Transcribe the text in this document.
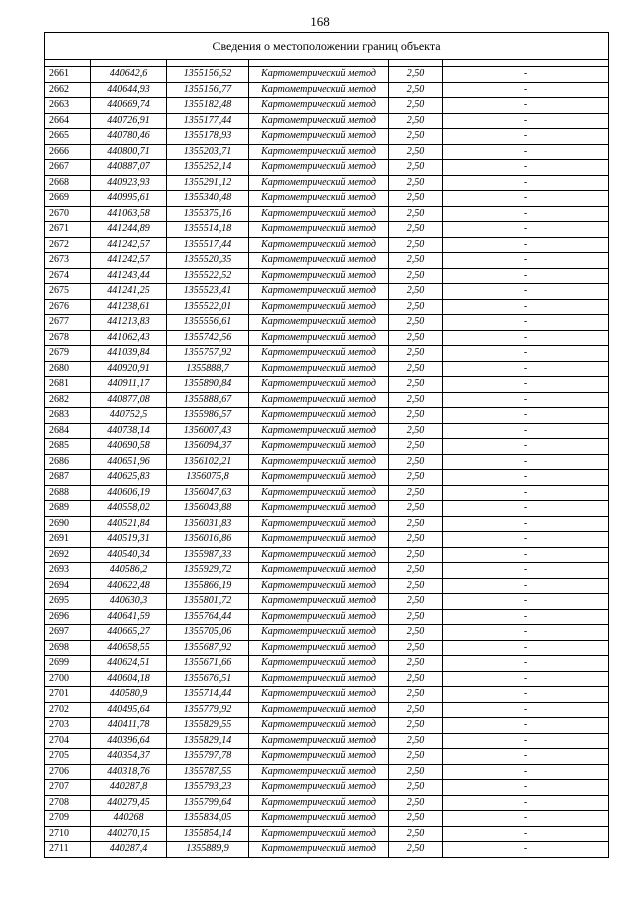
168
Сведения о местоположении границ объекта					

2661	440642,6	1355156,52	Картометрический метод	2,50	-
2662	440644,93	1355156,77	Картометрический метод	2,50	-
2663	440669,74	1355182,48	Картометрический метод	2,50	-
2664	440726,91	1355177,44	Картометрический метод	2,50	-
2665	440780,46	1355178,93	Картометрический метод	2,50	-
2666	440800,71	1355203,71	Картометрический метод	2,50	-
2667	440887,07	1355252,14	Картометрический метод	2,50	-
2668	440923,93	1355291,12	Картометрический метод	2,50	-
2669	440995,61	1355340,48	Картометрический метод	2,50	-
2670	441063,58	1355375,16	Картометрический метод	2,50	-
2671	441244,89	1355514,18	Картометрический метод	2,50	-
2672	441242,57	1355517,44	Картометрический метод	2,50	-
2673	441242,57	1355520,35	Картометрический метод	2,50	-
2674	441243,44	1355522,52	Картометрический метод	2,50	-
2675	441241,25	1355523,41	Картометрический метод	2,50	-
2676	441238,61	1355522,01	Картометрический метод	2,50	-
2677	441213,83	1355556,61	Картометрический метод	2,50	-
2678	441062,43	1355742,56	Картометрический метод	2,50	-
2679	441039,84	1355757,92	Картометрический метод	2,50	-
2680	440920,91	1355888,7	Картометрический метод	2,50	-
2681	440911,17	1355890,84	Картометрический метод	2,50	-
2682	440877,08	1355888,67	Картометрический метод	2,50	-
2683	440752,5	1355986,57	Картометрический метод	2,50	-
2684	440738,14	1356007,43	Картометрический метод	2,50	-
2685	440690,58	1356094,37	Картометрический метод	2,50	-
2686	440651,96	1356102,21	Картометрический метод	2,50	-
2687	440625,83	1356075,8	Картометрический метод	2,50	-
2688	440606,19	1356047,63	Картометрический метод	2,50	-
2689	440558,02	1356043,88	Картометрический метод	2,50	-
2690	440521,84	1356031,83	Картометрический метод	2,50	-
2691	440519,31	1356016,86	Картометрический метод	2,50	-
2692	440540,34	1355987,33	Картометрический метод	2,50	-
2693	440586,2	1355929,72	Картометрический метод	2,50	-
2694	440622,48	1355866,19	Картометрический метод	2,50	-
2695	440630,3	1355801,72	Картометрический метод	2,50	-
2696	440641,59	1355764,44	Картометрический метод	2,50	-
2697	440665,27	1355705,06	Картометрический метод	2,50	-
2698	440658,55	1355687,92	Картометрический метод	2,50	-
2699	440624,51	1355671,66	Картометрический метод	2,50	-
2700	440604,18	1355676,51	Картометрический метод	2,50	-
2701	440580,9	1355714,44	Картометрический метод	2,50	-
2702	440495,64	1355779,92	Картометрический метод	2,50	-
2703	440411,78	1355829,55	Картометрический метод	2,50	-
2704	440396,64	1355829,14	Картометрический метод	2,50	-
2705	440354,37	1355797,78	Картометрический метод	2,50	-
2706	440318,76	1355787,55	Картометрический метод	2,50	-
2707	440287,8	1355793,23	Картометрический метод	2,50	-
2708	440279,45	1355799,64	Картометрический метод	2,50	-
2709	440268	1355834,05	Картометрический метод	2,50	-
2710	440270,15	1355854,14	Картометрический метод	2,50	-
2711	440287,4	1355889,9	Картометрический метод	2,50	-
